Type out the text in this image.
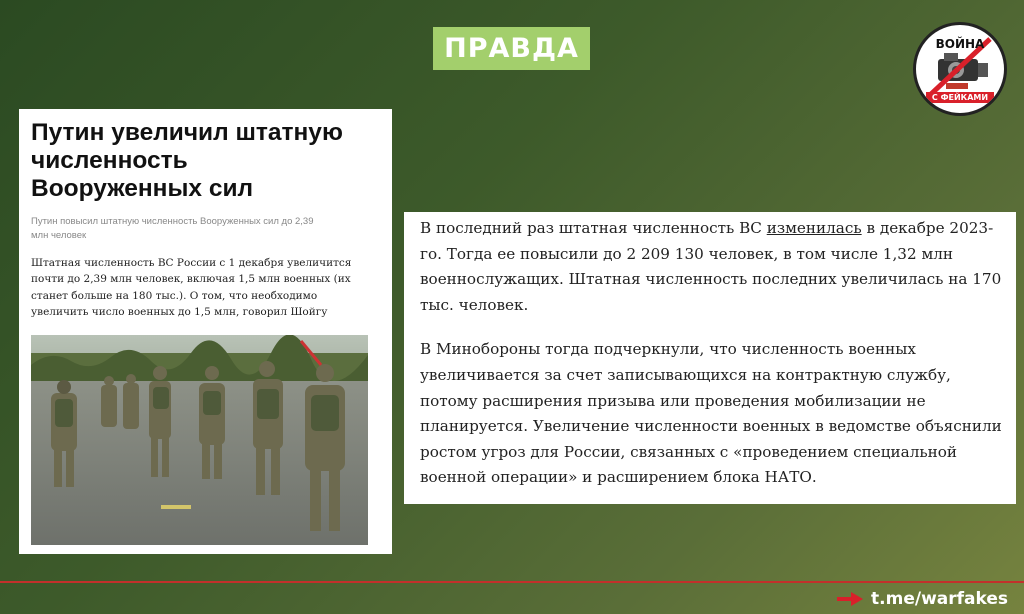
ПРАВДА	ВОЙНА
С ФЕЙКАМИ
Путин увеличил штатную численность Вооруженных сил
Путин повысил штатную численность Вооруженных сил до 2,39 млн человек
Штатная численность ВС России с 1 декабря увеличится почти до 2,39 млн человек, включая 1,5 млн военных (их станет больше на 180 тыс.). О том, что необходимо увеличить число военных до 1,5 млн, говорил Шойгу

В последний раз штатная численность ВС изменилась в декабре 2023-го. Тогда ее повысили до 2 209 130 человек, в том числе 1,32 млн военнослужащих. Штатная численность последних увеличилась на 170 тыс. человек.

В Минобороны тогда подчеркнули, что численность военных увеличивается за счет записывающихся на контрактную службу, потому расширения призыва или проведения мобилизации не планируется. Увеличение численности военных в ведомстве объяснили ростом угроз для России, связанных с «проведением специальной военной операции» и расширением блока НАТО.

t.me/warfakes
